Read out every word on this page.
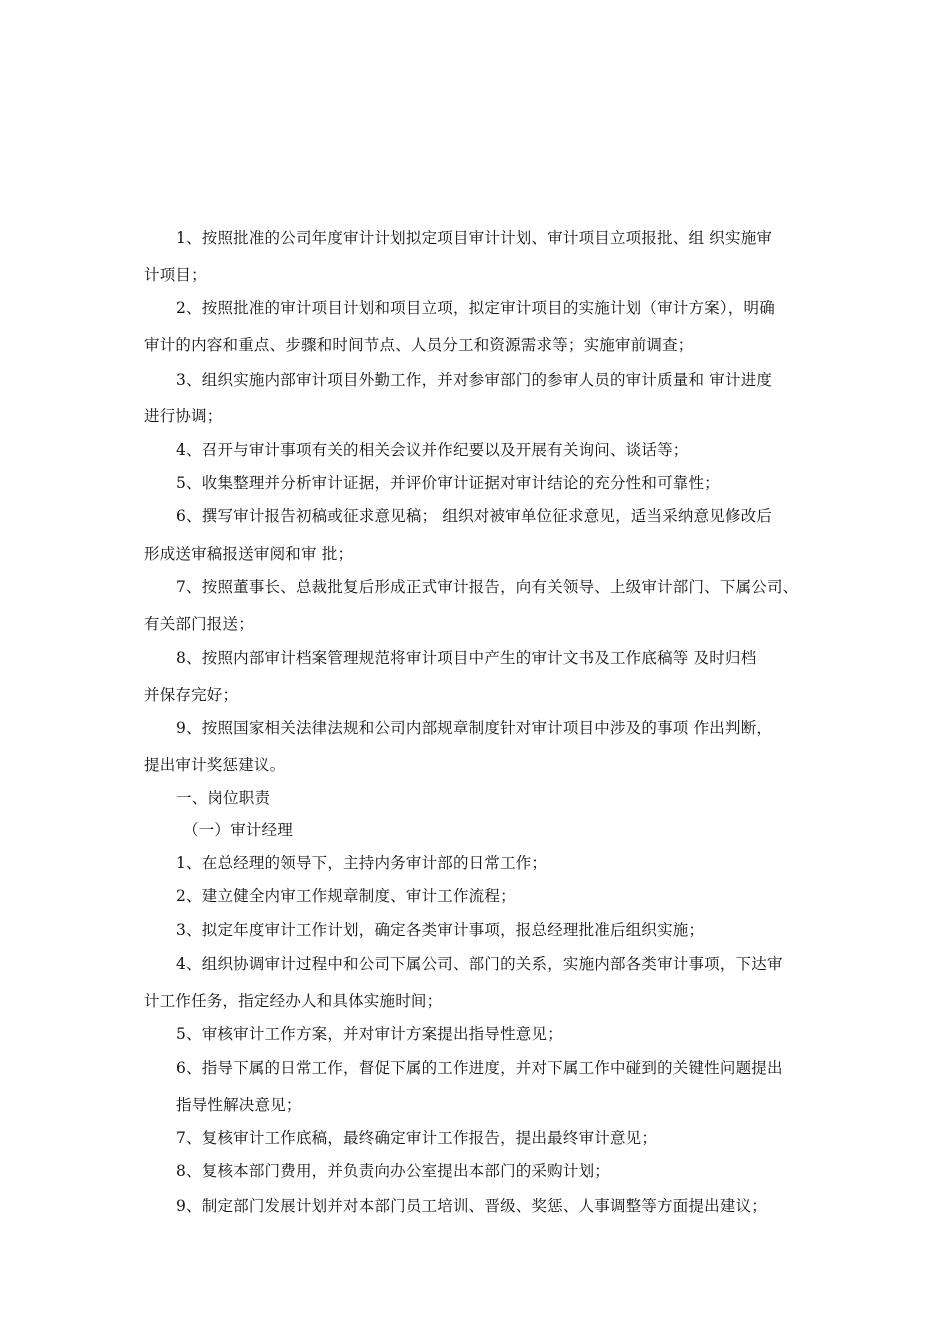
1、按照批准的公司年度审计计划拟定项目审计计划、审计项目立项报批、组 织实施审
计项目；
2、按照批准的审计项目计划和项目立项，拟定审计项目的实施计划（审计方案），明确
审计的内容和重点、步骤和时间节点、人员分工和资源需求等；实施审前调查；
3、组织实施内部审计项目外勤工作，并对参审部门的参审人员的审计质量和 审计进度
进行协调；
4、召开与审计事项有关的相关会议并作纪要以及开展有关询问、谈话等；
5、收集整理并分析审计证据，并评价审计证据对审计结论的充分性和可靠性；
6、撰写审计报告初稿或征求意见稿； 组织对被审单位征求意见，适当采纳意见修改后
形成送审稿报送审阅和审 批；
7、按照董事长、总裁批复后形成正式审计报告，向有关领导、上级审计部门、下属公司、
有关部门报送；
8、按照内部审计档案管理规范将审计项目中产生的审计文书及工作底稿等 及时归档
并保存完好；
9、按照国家相关法律法规和公司内部规章制度针对审计项目中涉及的事项 作出判断，
提出审计奖惩建议。
一、岗位职责
（一）审计经理
1、在总经理的领导下，主持内务审计部的日常工作；
2、建立健全内审工作规章制度、审计工作流程；
3、拟定年度审计工作计划，确定各类审计事项，报总经理批准后组织实施；
4、组织协调审计过程中和公司下属公司、部门的关系，实施内部各类审计事项，下达审
计工作任务，指定经办人和具体实施时间；
5、审核审计工作方案，并对审计方案提出指导性意见；
6、指导下属的日常工作，督促下属的工作进度，并对下属工作中碰到的关键性问题提出
指导性解决意见；
7、复核审计工作底稿，最终确定审计工作报告，提出最终审计意见；
8、复核本部门费用，并负责向办公室提出本部门的采购计划；
9、制定部门发展计划并对本部门员工培训、晋级、奖惩、人事调整等方面提出建议；
